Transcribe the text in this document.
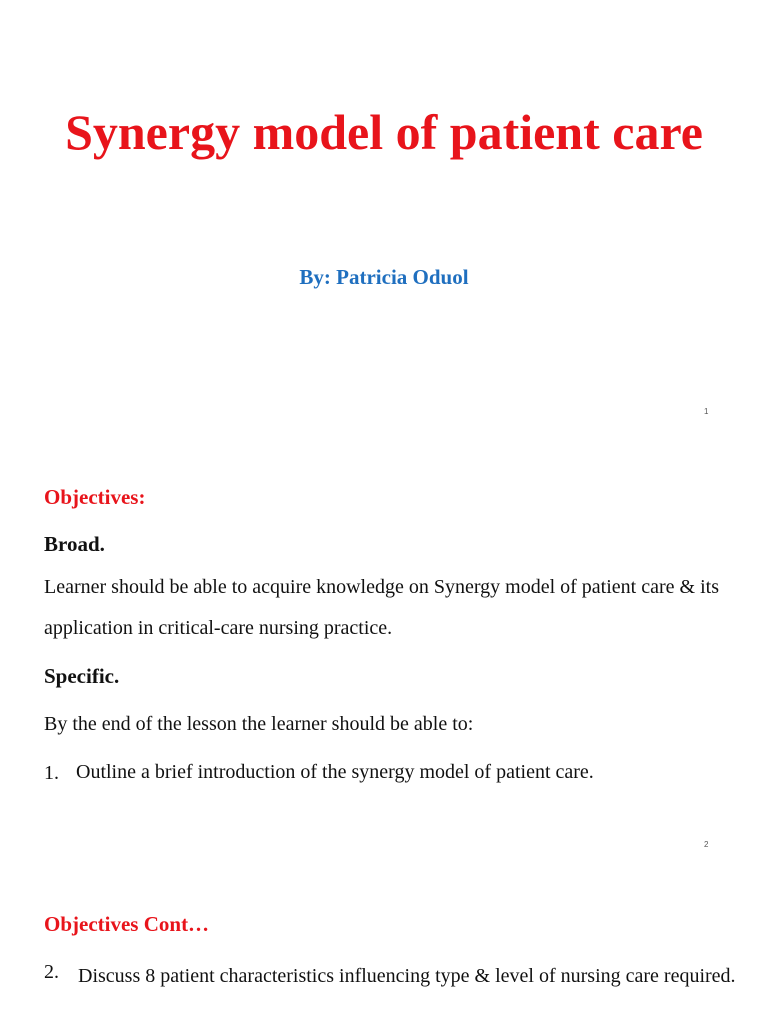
Synergy model of patient care
By: Patricia Oduol
1
Objectives:
Broad.
Learner should be able to acquire knowledge on Synergy model of patient care & its application in critical-care nursing practice.
Specific.
By the end of the lesson the learner should be able to:
1. Outline a brief introduction of the synergy model of patient care.
2
Objectives Cont…
2. Discuss 8 patient characteristics influencing type & level of nursing care required.
